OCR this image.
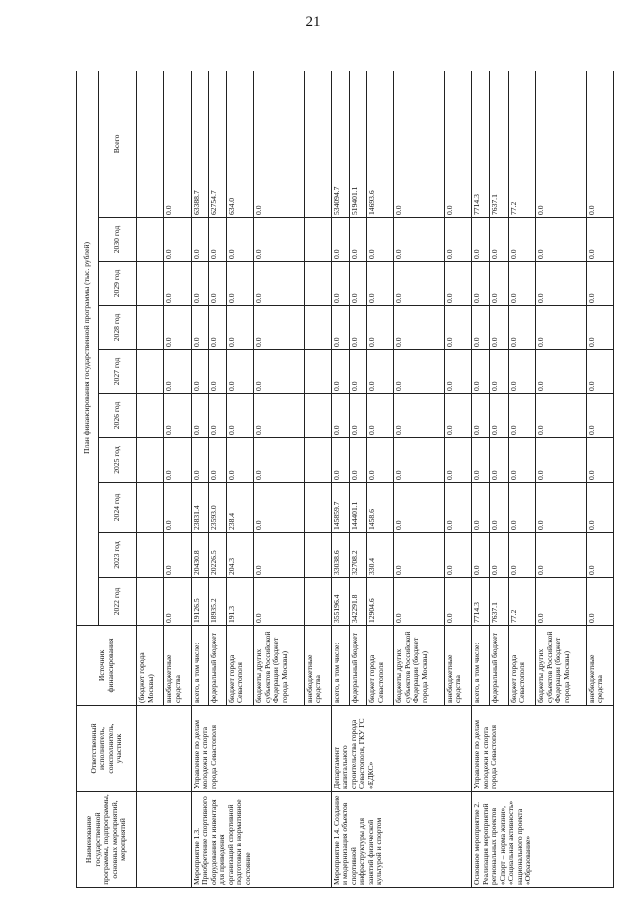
21
Наименование государственной программы, подпрограммы, основных мероприятий, мероприятий	Ответственный исполнитель, соисполнитель, участник	Источник финансирования	План финансирования государственной программы (тыс. рублей)									
			2022 год	2023 год	2024 год	2025 год	2026 год	2027 год	2028 год	2029 год	2030 год	Всего
		(бюджет города Москвы)										
		внебюджетные средства	0.0	0.0	0.0	0.0	0.0	0.0	0.0	0.0	0.0	0.0
Мероприятие 1.3. Приобретение спортивного оборудования и инвентаря для приведения организаций спортивной подготовки в нормативное состояние	Управление по делам молодежи и спорта города Севастополя	всего, в том числе:	19126.5	20430.8	23831.4	0.0	0.0	0.0	0.0	0.0	0.0	63388.7
		федеральный бюджет	18935.2	20226.5	23593.0	0.0	0.0	0.0	0.0	0.0	0.0	62754.7
		бюджет города Севастополя	191.3	204.3	238.4	0.0	0.0	0.0	0.0	0.0	0.0	634.0
		бюджеты других субъектов Российской Федерации (бюджет города Москвы)	0.0	0.0	0.0	0.0	0.0	0.0	0.0	0.0	0.0	0.0
		внебюджетные средства										
Мероприятие 1.4. Создание и модернизация объектов спортивной инфраструктуры для занятий физической культурой и спортом	Департамент капитального строительства города Севастополя, ГКУ ГС «ЕДКС»	всего, в том числе:	355196.4	33038.6	145859.7	0.0	0.0	0.0	0.0	0.0	0.0	534094.7
		федеральный бюджет	342291.8	32708.2	144401.1	0.0	0.0	0.0	0.0	0.0	0.0	519401.1
		бюджет города Севастополя	12904.6	330.4	1458.6	0.0	0.0	0.0	0.0	0.0	0.0	14693.6
		бюджеты других субъектов Российской Федерации (бюджет города Москвы)	0.0	0.0	0.0	0.0	0.0	0.0	0.0	0.0	0.0	0.0
		внебюджетные средства	0.0	0.0	0.0	0.0	0.0	0.0	0.0	0.0	0.0	0.0
Основное мероприятие 2. Реализация мероприятий региональных проектов «Спорт – норма жизни», «Социальная активность» национального проекта «Образование»	Управление по делам молодежи и спорта города Севастополя	всего, в том числе:	7714.3	0.0	0.0	0.0	0.0	0.0	0.0	0.0	0.0	7714.3
		федеральный бюджет	7637.1	0.0	0.0	0.0	0.0	0.0	0.0	0.0	0.0	7637.1
		бюджет города Севастополя	77.2	0.0	0.0	0.0	0.0	0.0	0.0	0.0	0.0	77.2
		бюджеты других субъектов Российской Федерации (бюджет города Москвы)	0.0	0.0	0.0	0.0	0.0	0.0	0.0	0.0	0.0	0.0
		внебюджетные средства	0.0	0.0	0.0	0.0	0.0	0.0	0.0	0.0	0.0	0.0
